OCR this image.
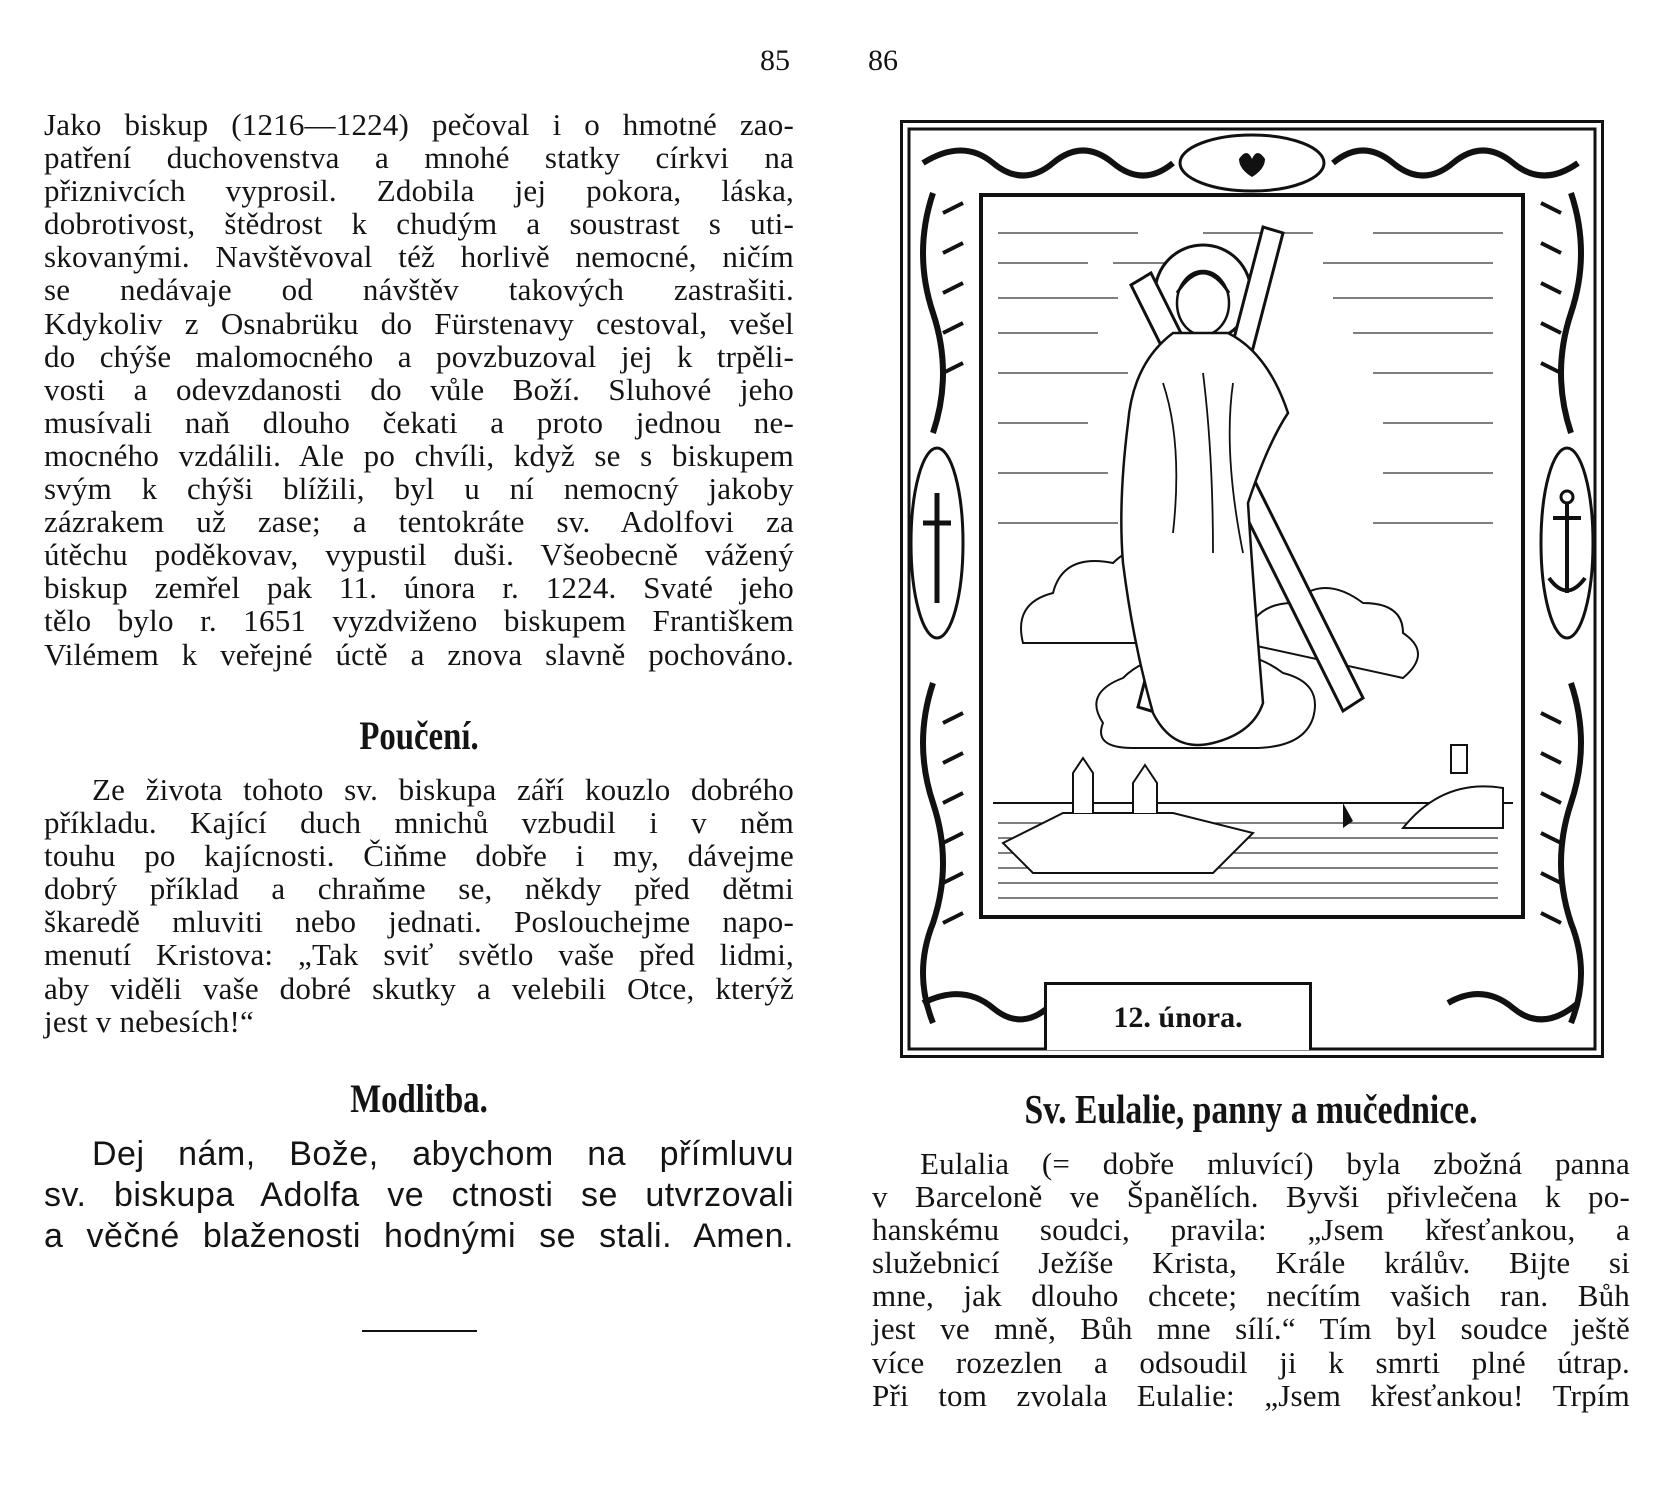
85
Jako biskup (1216—1224) pečoval i o hmotné zao-
patření duchovenstva a mnohé statky církvi na
přiznivcích vyprosil. Zdobila jej pokora, láska,
dobrotivost, štědrost k chudým a soustrast s uti-
skovanými. Navštěvoval též horlivě nemocné, ničím
se nedávaje od návštěv takových zastrašiti.
Kdykoliv z Osnabrüku do Fürstenavy cestoval, vešel
do chýše malomocného a povzbuzoval jej k trpěli-
vosti a odevzdanosti do vůle Boží. Sluhové jeho
musívali naň dlouho čekati a proto jednou ne-
mocného vzdálili. Ale po chvíli, když se s biskupem
svým k chýši blížili, byl u ní nemocný jakoby
zázrakem už zase; a tentokráte sv. Adolfovi za
útěchu poděkovav, vypustil duši. Všeobecně vážený
biskup zemřel pak 11. února r. 1224. Svaté jeho
tělo bylo r. 1651 vyzdviženo biskupem Františkem
Vilémem k veřejné úctě a znova slavně pochováno.
Poučení.
Ze života tohoto sv. biskupa září kouzlo dobrého
příkladu. Kající duch mnichů vzbudil i v něm
touhu po kajícnosti. Čiňme dobře i my, dávejme
dobrý příklad a chraňme se, někdy před dětmi
škaredě mluviti nebo jednati. Poslouchejme napo-
menutí Kristova: „Tak sviť světlo vaše před lidmi,
aby viděli vaše dobré skutky a velebili Otce, kterýž
jest v nebesích!“
Modlitba.
Dej nám, Bože, abychom na přímluvu
sv. biskupa Adolfa ve ctnosti se utvrzovali
a věčné blaženosti hodnými se stali. Amen.
86
12. února.
Sv. Eulalie, panny a mučednice.
Eulalia (= dobře mluvící) byla zbožná panna
v Barceloně ve Španělích. Byvši přivlečena k po-
hanskému soudci, pravila: „Jsem křesťankou, a
služebnicí Ježíše Krista, Krále králův. Bijte si
mne, jak dlouho chcete; necítím vašich ran. Bůh
jest ve mně, Bůh mne sílí.“ Tím byl soudce ještě
více rozezlen a odsoudil ji k smrti plné útrap.
Při tom zvolala Eulalie: „Jsem křesťankou! Trpím
